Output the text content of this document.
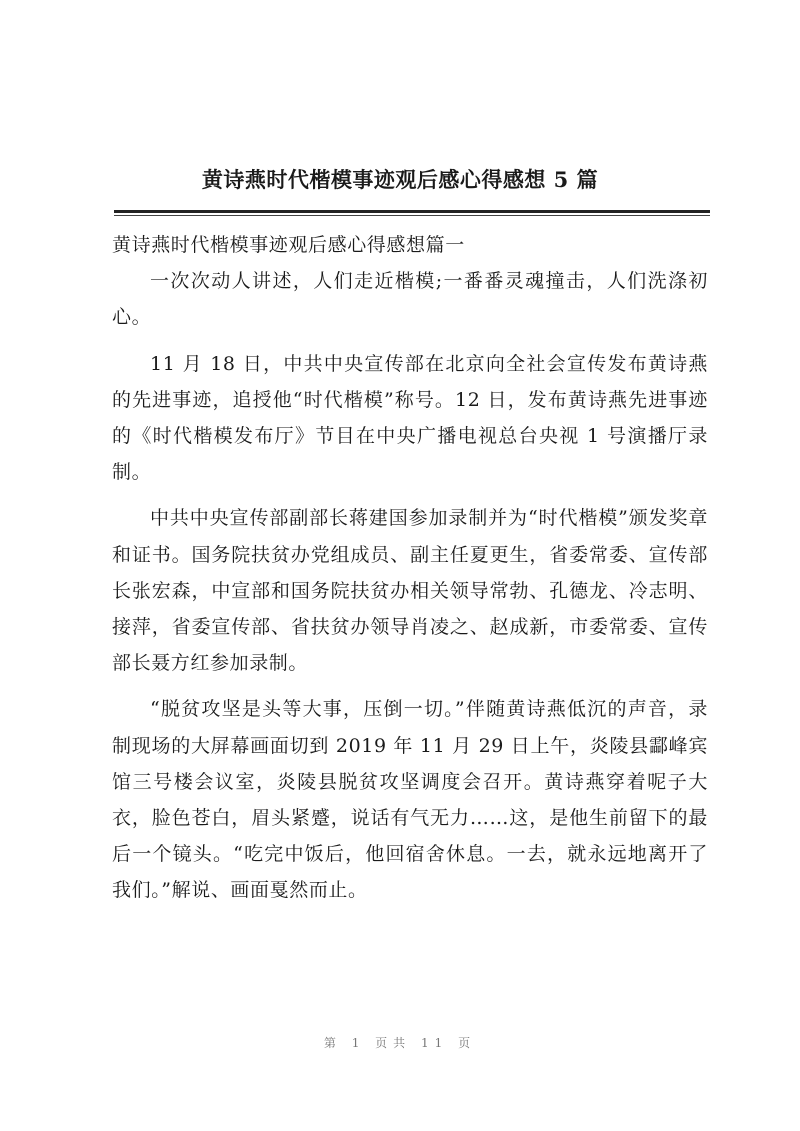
黄诗燕时代楷模事迹观后感心得感想 5 篇

黄诗燕时代楷模事迹观后感心得感想篇一

一次次动人讲述，人们走近楷模;一番番灵魂撞击，人们洗涤初心。

11 月 18 日，中共中央宣传部在北京向全社会宣传发布黄诗燕的先进事迹，追授他“时代楷模”称号。12 日，发布黄诗燕先进事迹的《时代楷模发布厅》节目在中央广播电视总台央视 1 号演播厅录制。

中共中央宣传部副部长蒋建国参加录制并为“时代楷模”颁发奖章和证书。国务院扶贫办党组成员、副主任夏更生，省委常委、宣传部长张宏森，中宣部和国务院扶贫办相关领导常勃、孔德龙、冷志明、接萍，省委宣传部、省扶贫办领导肖凌之、赵成新，市委常委、宣传部长聂方红参加录制。

“脱贫攻坚是头等大事，压倒一切。”伴随黄诗燕低沉的声音，录制现场的大屏幕画面切到 2019 年 11 月 29 日上午，炎陵县酃峰宾馆三号楼会议室，炎陵县脱贫攻坚调度会召开。黄诗燕穿着呢子大衣，脸色苍白，眉头紧蹙，说话有气无力……这，是他生前留下的最后一个镜头。“吃完中饭后，他回宿舍休息。一去，就永远地离开了我们。”解说、画面戛然而止。

第 1 页共 11 页
